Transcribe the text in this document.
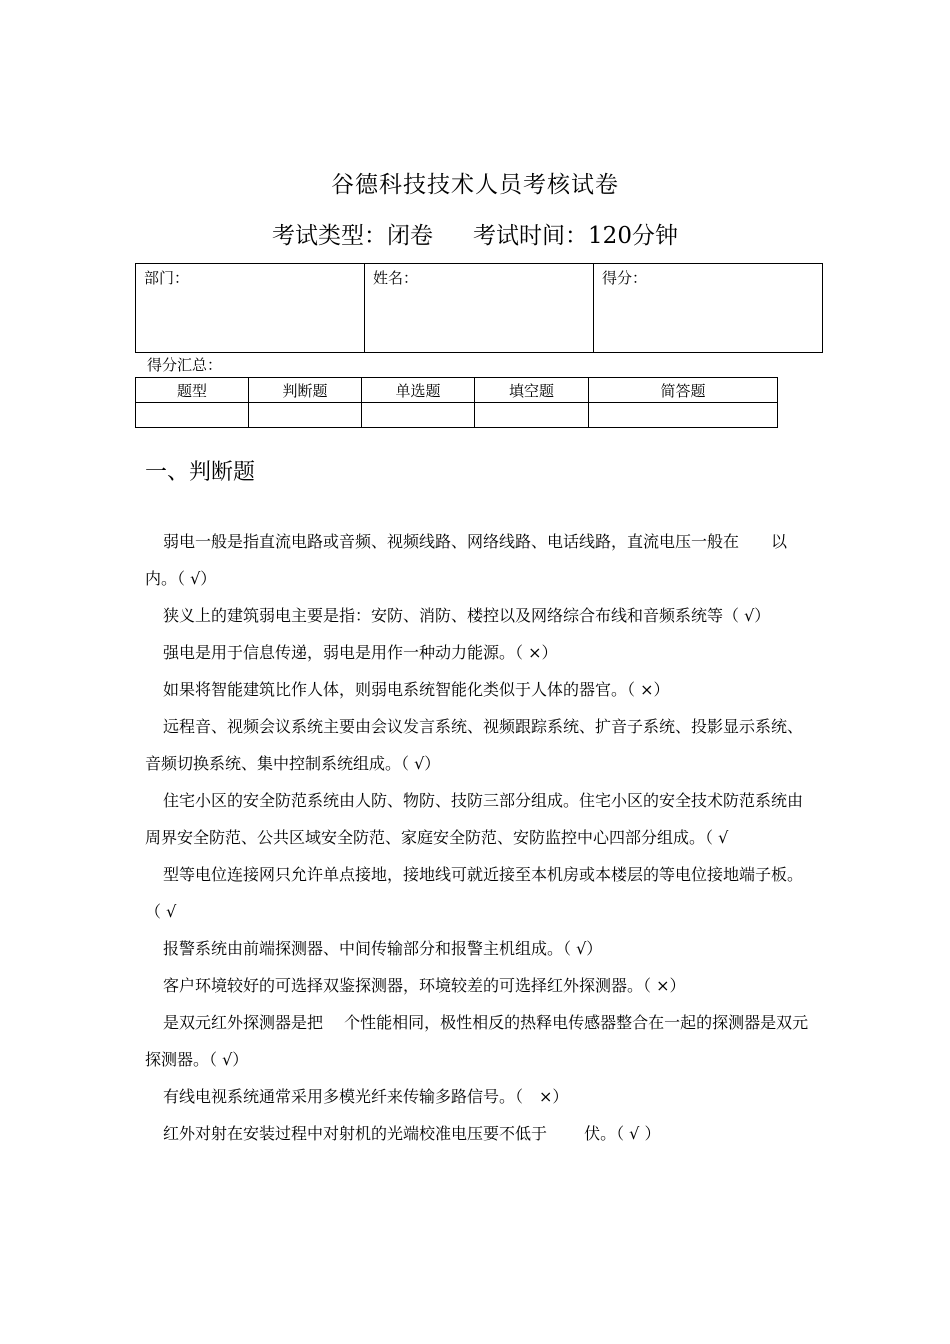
谷德科技技术人员考核试卷
考试类型：闭卷 考试时间：120分钟
部门：	姓名：	得分：
得分汇总：
题型	判断题	单选题	填空题	简答题

一、判断题

弱电一般是指直流电路或音频、视频线路、网络线路、电话线路，直流电压一般在　　以内。（ √）

狭义上的建筑弱电主要是指：安防、消防、楼控以及网络综合布线和音频系统等（ √）

强电是用于信息传递，弱电是用作一种动力能源。（ ×）

如果将智能建筑比作人体，则弱电系统智能化类似于人体的器官。（ ×）

远程音、视频会议系统主要由会议发言系统、视频跟踪系统、扩音子系统、投影显示系统、音频切换系统、集中控制系统组成。（ √）

住宅小区的安全防范系统由人防、物防、技防三部分组成。住宅小区的安全技术防范系统由周界安全防范、公共区域安全防范、家庭安全防范、安防监控中心四部分组成。（ √

型等电位连接网只允许单点接地，接地线可就近接至本机房或本楼层的等电位接地端子板。（ √

报警系统由前端探测器、中间传输部分和报警主机组成。（ √）

客户环境较好的可选择双鉴探测器，环境较差的可选择红外探测器。（ ×）

是双元红外探测器是把　 个性能相同，极性相反的热释电传感器整合在一起的探测器是双元探测器。（ √）

有线电视系统通常采用多模光纤来传输多路信号。（　×）

红外对射在安装过程中对射机的光端校准电压要不低于　　 伏。（ √ ）
